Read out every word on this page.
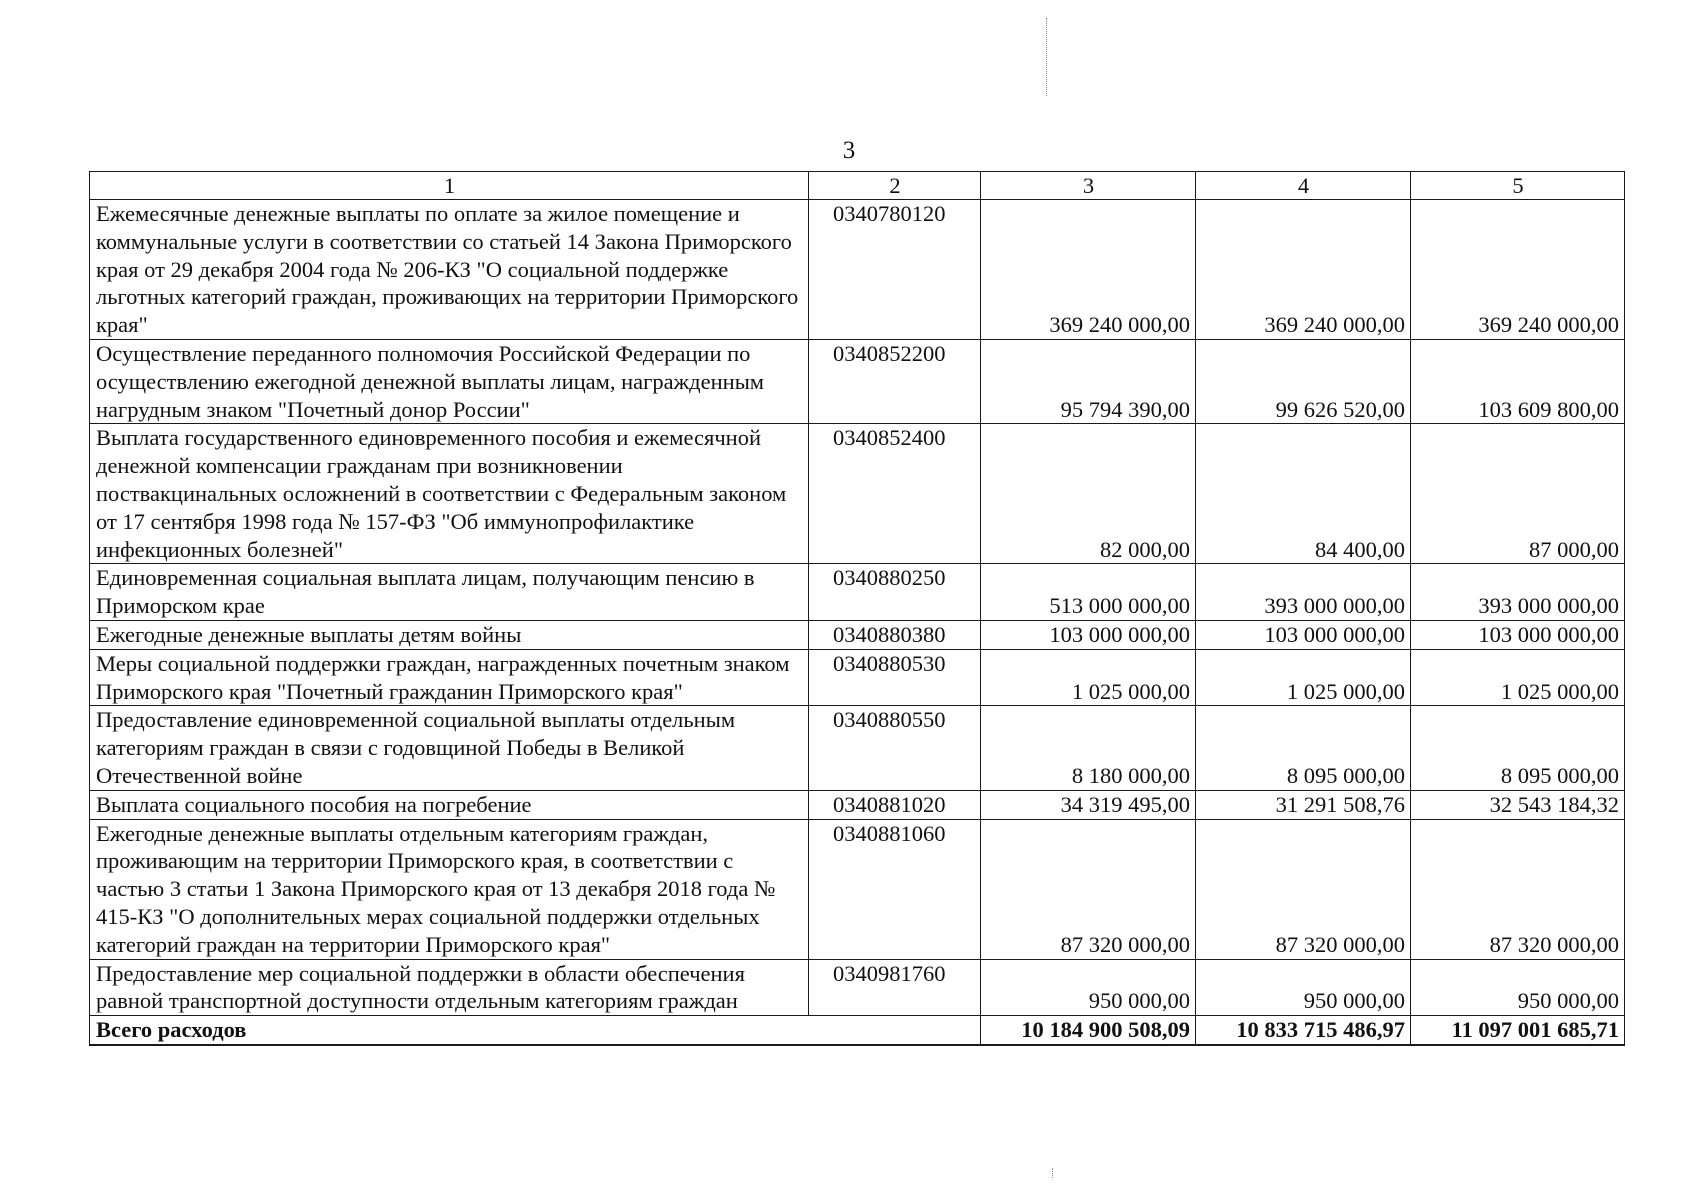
3
1	2	3	4	5
Ежемесячные денежные выплаты по оплате за жилое помещение и коммунальные услуги в соответствии со статьей 14 Закона Приморского края от 29 декабря 2004 года № 206-КЗ "О социальной поддержке льготных категорий граждан, проживающих на территории Приморского края"	0340780120	369 240 000,00	369 240 000,00	369 240 000,00
Осуществление переданного полномочия Российской Федерации по осуществлению ежегодной денежной выплаты лицам, награжденным нагрудным знаком "Почетный донор России"	0340852200	95 794 390,00	99 626 520,00	103 609 800,00
Выплата государственного единовременного пособия и ежемесячной денежной компенсации гражданам при возникновении поствакцинальных осложнений в соответствии с Федеральным законом от 17 сентября 1998 года № 157-ФЗ "Об иммунопрофилактике инфекционных болезней"	0340852400	82 000,00	84 400,00	87 000,00
Единовременная социальная выплата лицам, получающим пенсию в Приморском крае	0340880250	513 000 000,00	393 000 000,00	393 000 000,00
Ежегодные денежные выплаты детям войны	0340880380	103 000 000,00	103 000 000,00	103 000 000,00
Меры социальной поддержки граждан, награжденных почетным знаком Приморского края "Почетный гражданин Приморского края"	0340880530	1 025 000,00	1 025 000,00	1 025 000,00
Предоставление единовременной социальной выплаты отдельным категориям граждан в связи с годовщиной Победы в Великой Отечественной войне	0340880550	8 180 000,00	8 095 000,00	8 095 000,00
Выплата социального пособия на погребение	0340881020	34 319 495,00	31 291 508,76	32 543 184,32
Ежегодные денежные выплаты отдельным категориям граждан, проживающим на территории Приморского края, в соответствии с частью 3 статьи 1 Закона Приморского края от 13 декабря 2018 года № 415-КЗ "О дополнительных мерах социальной поддержки отдельных категорий граждан на территории Приморского края"	0340881060	87 320 000,00	87 320 000,00	87 320 000,00
Предоставление мер социальной поддержки в области обеспечения равной транспортной доступности отдельным категориям граждан	0340981760	950 000,00	950 000,00	950 000,00
Всего расходов		10 184 900 508,09	10 833 715 486,97	11 097 001 685,71
